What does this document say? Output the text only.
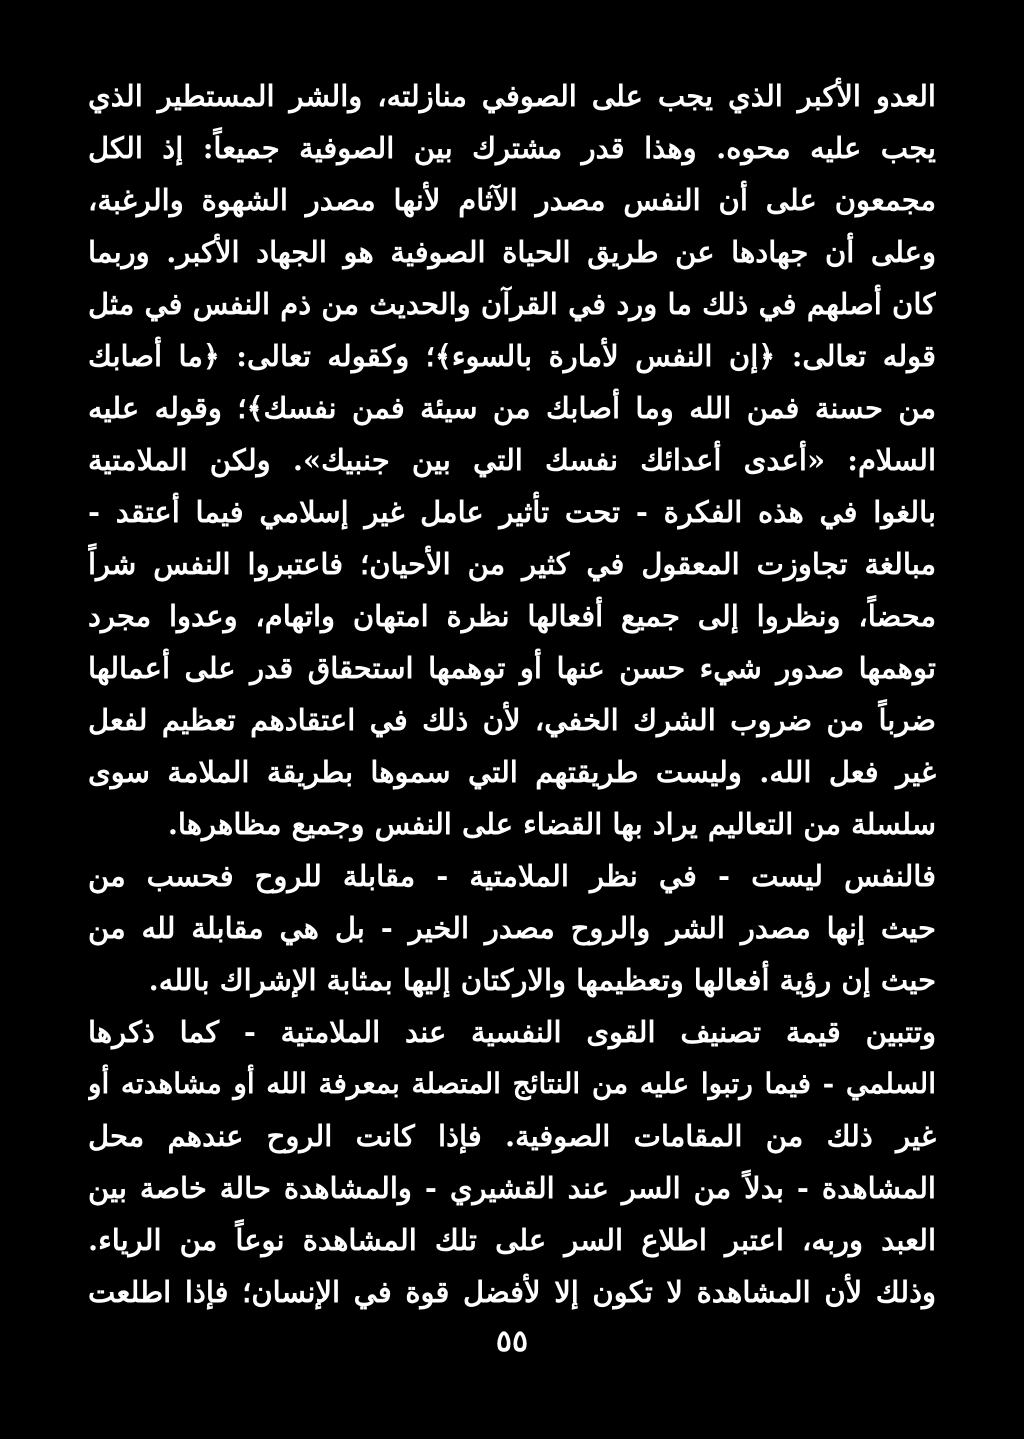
العدو الأكبر الذي يجب على الصوفي منازلته، والشر المستطير الذي
يجب عليه محوه. وهذا قدر مشترك بين الصوفية جميعاً: إذ الكل
مجمعون على أن النفس مصدر الآثام لأنها مصدر الشهوة والرغبة،
وعلى أن جهادها عن طريق الحياة الصوفية هو الجهاد الأكبر. وربما
كان أصلهم في ذلك ما ورد في القرآن والحديث من ذم النفس في مثل
قوله تعالى: ﴿إن النفس لأمارة بالسوء﴾؛ وكقوله تعالى: ﴿ما أصابك
من حسنة فمن الله وما أصابك من سيئة فمن نفسك﴾؛ وقوله عليه
السلام: «أعدى أعدائك نفسك التي بين جنبيك». ولكن الملامتية
بالغوا في هذه الفكرة - تحت تأثير عامل غير إسلامي فيما أعتقد -
مبالغة تجاوزت المعقول في كثير من الأحيان؛ فاعتبروا النفس شراً
محضاً، ونظروا إلى جميع أفعالها نظرة امتهان واتهام، وعدوا مجرد
توهمها صدور شيء حسن عنها أو توهمها استحقاق قدر على أعمالها
ضرباً من ضروب الشرك الخفي، لأن ذلك في اعتقادهم تعظيم لفعل
غير فعل الله. وليست طريقتهم التي سموها بطريقة الملامة سوى
سلسلة من التعاليم يراد بها القضاء على النفس وجميع مظاهرها.
فالنفس ليست - في نظر الملامتية - مقابلة للروح فحسب من
حيث إنها مصدر الشر والروح مصدر الخير - بل هي مقابلة لله من
حيث إن رؤية أفعالها وتعظيمها والاركتان إليها بمثابة الإشراك بالله.
وتتبين قيمة تصنيف القوى النفسية عند الملامتية - كما ذكرها
السلمي - فيما رتبوا عليه من النتائج المتصلة بمعرفة الله أو مشاهدته أو
غير ذلك من المقامات الصوفية. فإذا كانت الروح عندهم محل
المشاهدة - بدلاً من السر عند القشيري - والمشاهدة حالة خاصة بين
العبد وربه، اعتبر اطلاع السر على تلك المشاهدة نوعاً من الرياء.
وذلك لأن المشاهدة لا تكون إلا لأفضل قوة في الإنسان؛ فإذا اطلعت
٥٥
